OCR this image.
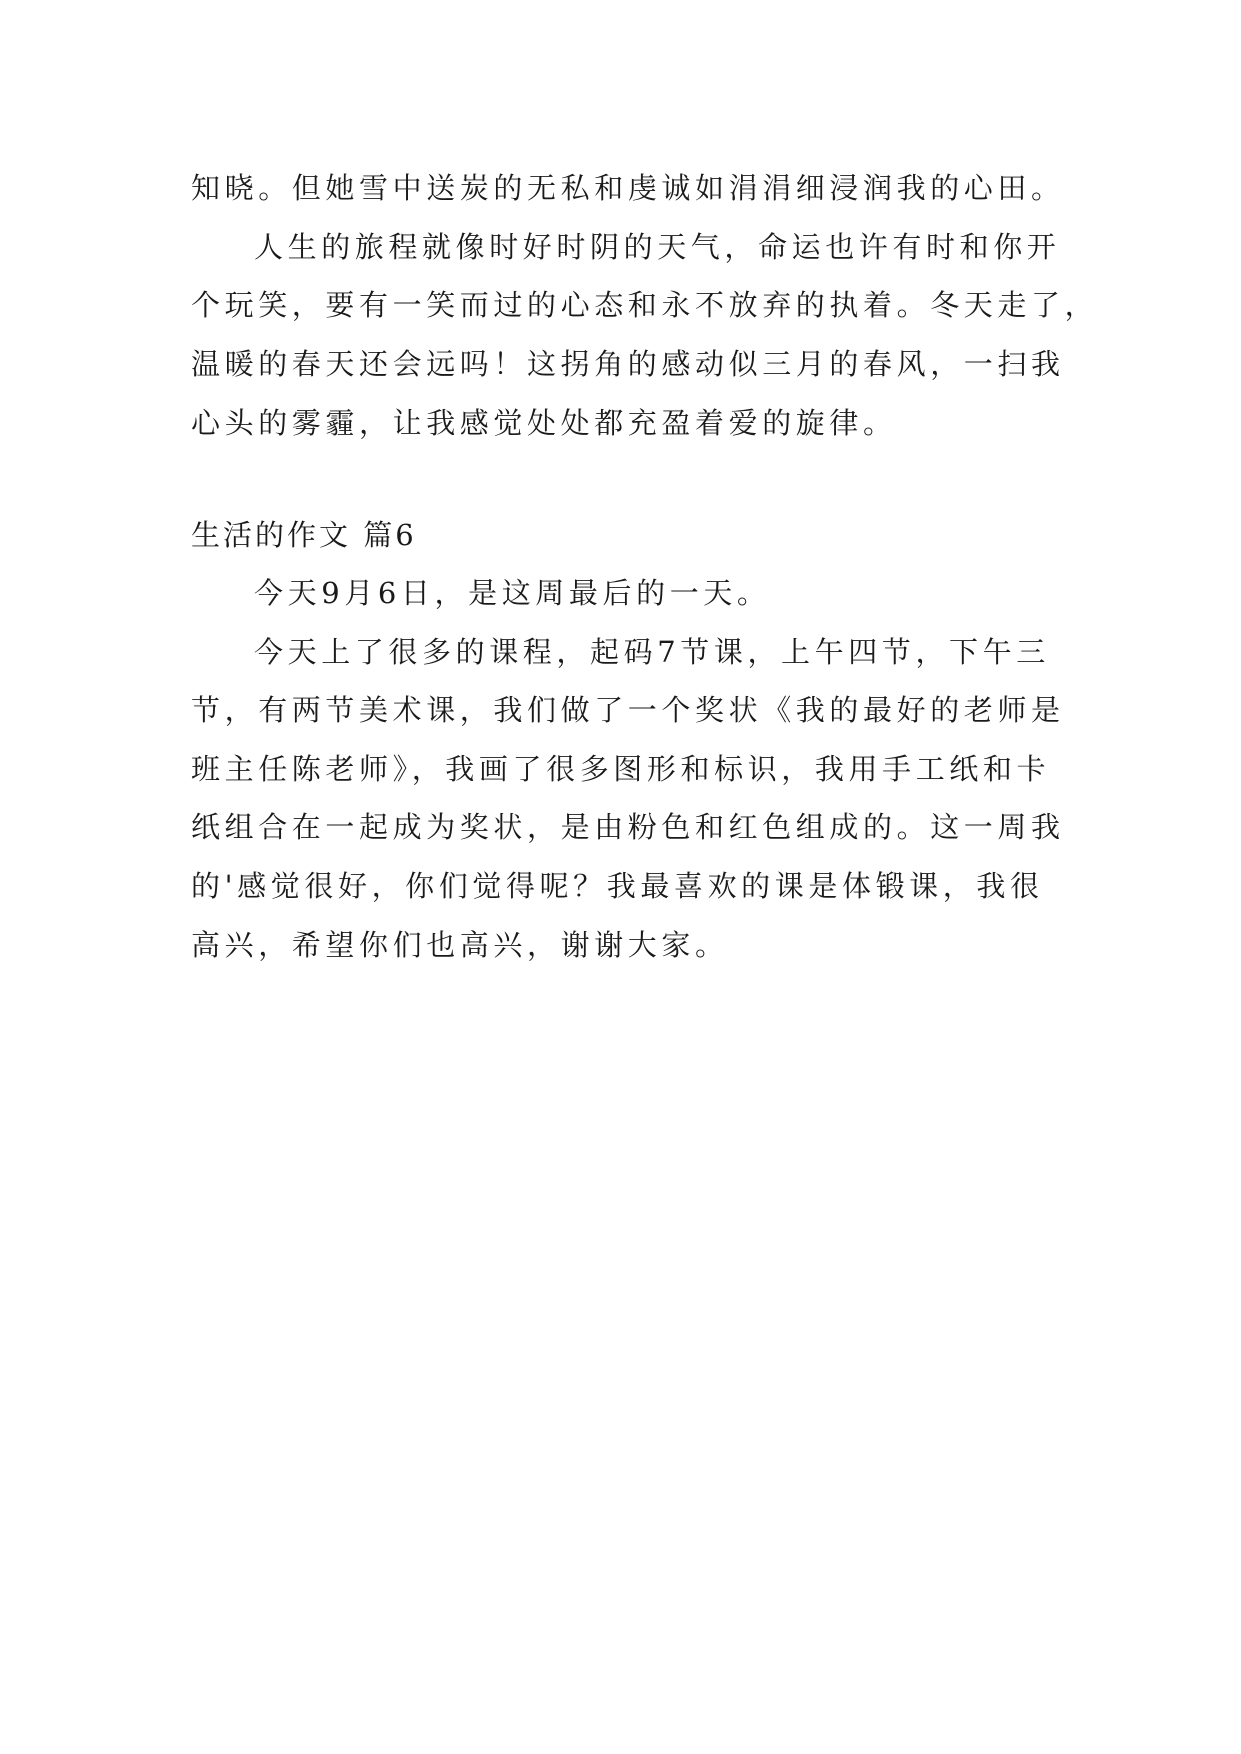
知晓。但她雪中送炭的无私和虔诚如涓涓细浸润我的心田。
人生的旅程就像时好时阴的天气，命运也许有时和你开
个玩笑，要有一笑而过的心态和永不放弃的执着。冬天走了，
温暖的春天还会远吗！这拐角的感动似三月的春风，一扫我
心头的雾霾，让我感觉处处都充盈着爱的旋律。
生活的作文 篇6
今天9月6日，是这周最后的一天。
今天上了很多的课程，起码7节课，上午四节，下午三
节，有两节美术课，我们做了一个奖状《我的最好的老师是
班主任陈老师》，我画了很多图形和标识，我用手工纸和卡
纸组合在一起成为奖状，是由粉色和红色组成的。这一周我
的'感觉很好，你们觉得呢？我最喜欢的课是体锻课，我很
高兴，希望你们也高兴，谢谢大家。
